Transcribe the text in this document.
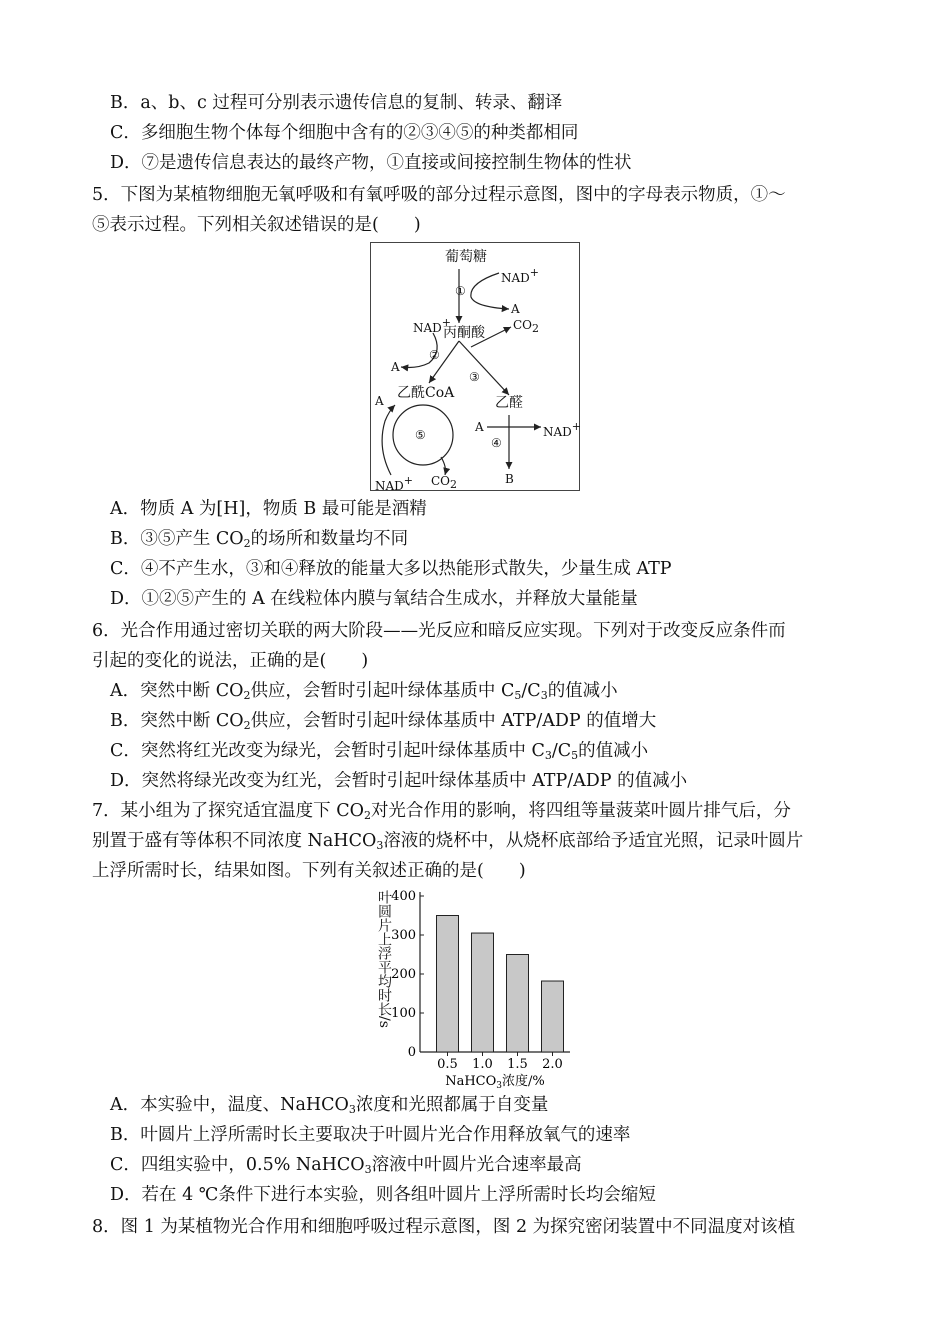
B．a、b、c 过程可分别表示遗传信息的复制、转录、翻译
C．多细胞生物个体每个细胞中含有的②③④⑤的种类都相同
D．⑦是遗传信息表达的最终产物，①直接或间接控制生物体的性状
5．下图为某植物细胞无氧呼吸和有氧呼吸的部分过程示意图，图中的字母表示物质，①～
⑤表示过程。下列相关叙述错误的是(　　)
葡萄糖
NAD+
①
A
NAD+
丙酮酸 $CO_2$
②
A
③
乙酰CoA
乙醛
A
⑤
A	NAD+
④
NAD+ $CO_2$	B
A．物质 A 为[H]，物质 B 最可能是酒精
B．③⑤产生 $CO_2$的场所和数量均不同
C．④不产生水，③和④释放的能量大多以热能形式散失，少量生成 ATP
D．①②⑤产生的 A 在线粒体内膜与氧结合生成水，并释放大量能量
6．光合作用通过密切关联的两大阶段——光反应和暗反应实现。下列对于改变反应条件而
引起的变化的说法，正确的是(　　)
A．突然中断 $CO_2$供应，会暂时引起叶绿体基质中 $C_5/C_3$的值减小
B．突然中断 $CO_2$供应，会暂时引起叶绿体基质中 ATP/ADP 的值增大
C．突然将红光改变为绿光，会暂时引起叶绿体基质中 $C_3/C_5$的值减小
D．突然将绿光改变为红光，会暂时引起叶绿体基质中 ATP/ADP 的值减小
7．某小组为了探究适宜温度下 $CO_2$对光合作用的影响，将四组等量菠菜叶圆片排气后，分
别置于盛有等体积不同浓度 NaHCO$_3$溶液的烧杯中，从烧杯底部给予适宜光照，记录叶圆片
上浮所需时长，结果如图。下列有关叙述正确的是(　　)
叶圆片上浮平均时长/s
0
100
200
300
400
0.5 1.0 1.5 2.0
NaHCO$_3$浓度/%
A．本实验中，温度、NaHCO$_3$浓度和光照都属于自变量
B．叶圆片上浮所需时长主要取决于叶圆片光合作用释放氧气的速率
C．四组实验中，0.5% NaHCO$_3$溶液中叶圆片光合速率最高
D．若在 4 ℃条件下进行本实验，则各组叶圆片上浮所需时长均会缩短
8．图 1 为某植物光合作用和细胞呼吸过程示意图，图 2 为探究密闭装置中不同温度对该植
